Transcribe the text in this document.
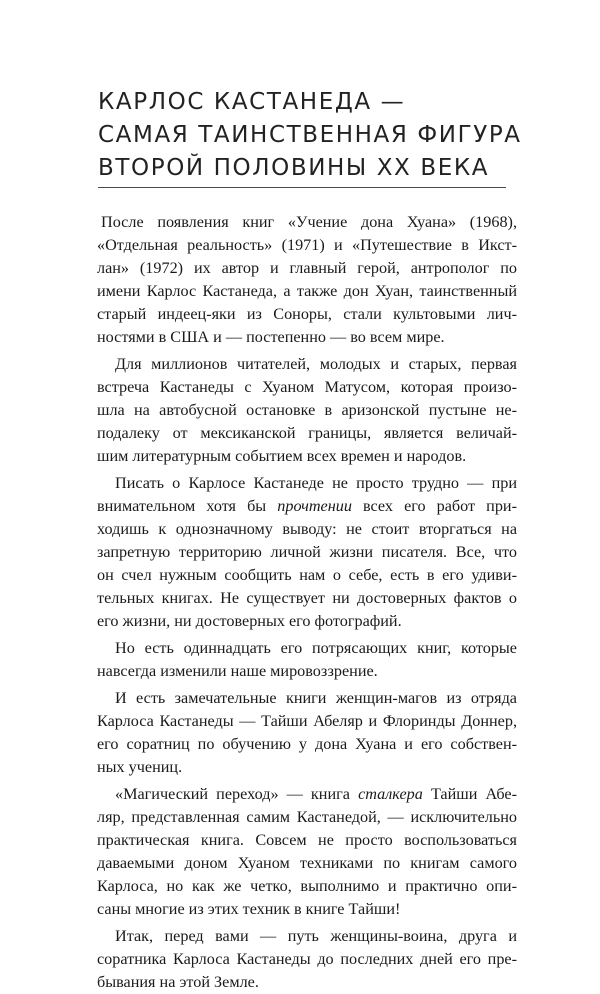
КАРЛОС КАСТАНЕДА —
САМАЯ ТАИНСТВЕННАЯ ФИГУРА
ВТОРОЙ ПОЛОВИНЫ XX ВЕКА
После появления книг «Учение дона Хуана» (1968),
«Отдельная реальность» (1971) и «Путешествие в Икст-
лан» (1972) их автор и главный герой, антрополог по
имени Карлос Кастанеда, а также дон Хуан, таинственный
старый индеец-яки из Соноры, стали культовыми лич-
ностями в США и — постепенно — во всем мире.
Для миллионов читателей, молодых и старых, первая
встреча Кастанеды с Хуаном Матусом, которая произо-
шла на автобусной остановке в аризонской пустыне не-
подалеку от мексиканской границы, является величай-
шим литературным событием всех времен и народов.
Писать о Карлосе Кастанеде не просто трудно — при
внимательном хотя бы прочтении всех его работ при-
ходишь к однозначному выводу: не стоит вторгаться на
запретную территорию личной жизни писателя. Все, что
он счел нужным сообщить нам о себе, есть в его удиви-
тельных книгах. Не существует ни достоверных фактов о
его жизни, ни достоверных его фотографий.
Но есть одиннадцать его потрясающих книг, которые
навсегда изменили наше мировоззрение.
И есть замечательные книги женщин-магов из отряда
Карлоса Кастанеды — Тайши Абеляр и Флоринды Доннер,
его соратниц по обучению у дона Хуана и его собствен-
ных учениц.
«Магический переход» — книга сталкера Тайши Абе-
ляр, представленная самим Кастанедой, — исключительно
практическая книга. Совсем не просто воспользоваться
даваемыми доном Хуаном техниками по книгам самого
Карлоса, но как же четко, выполнимо и практично опи-
саны многие из этих техник в книге Тайши!
Итак, перед вами — путь женщины-воина, друга и
соратника Карлоса Кастанеды до последних дней его пре-
бывания на этой Земле.
